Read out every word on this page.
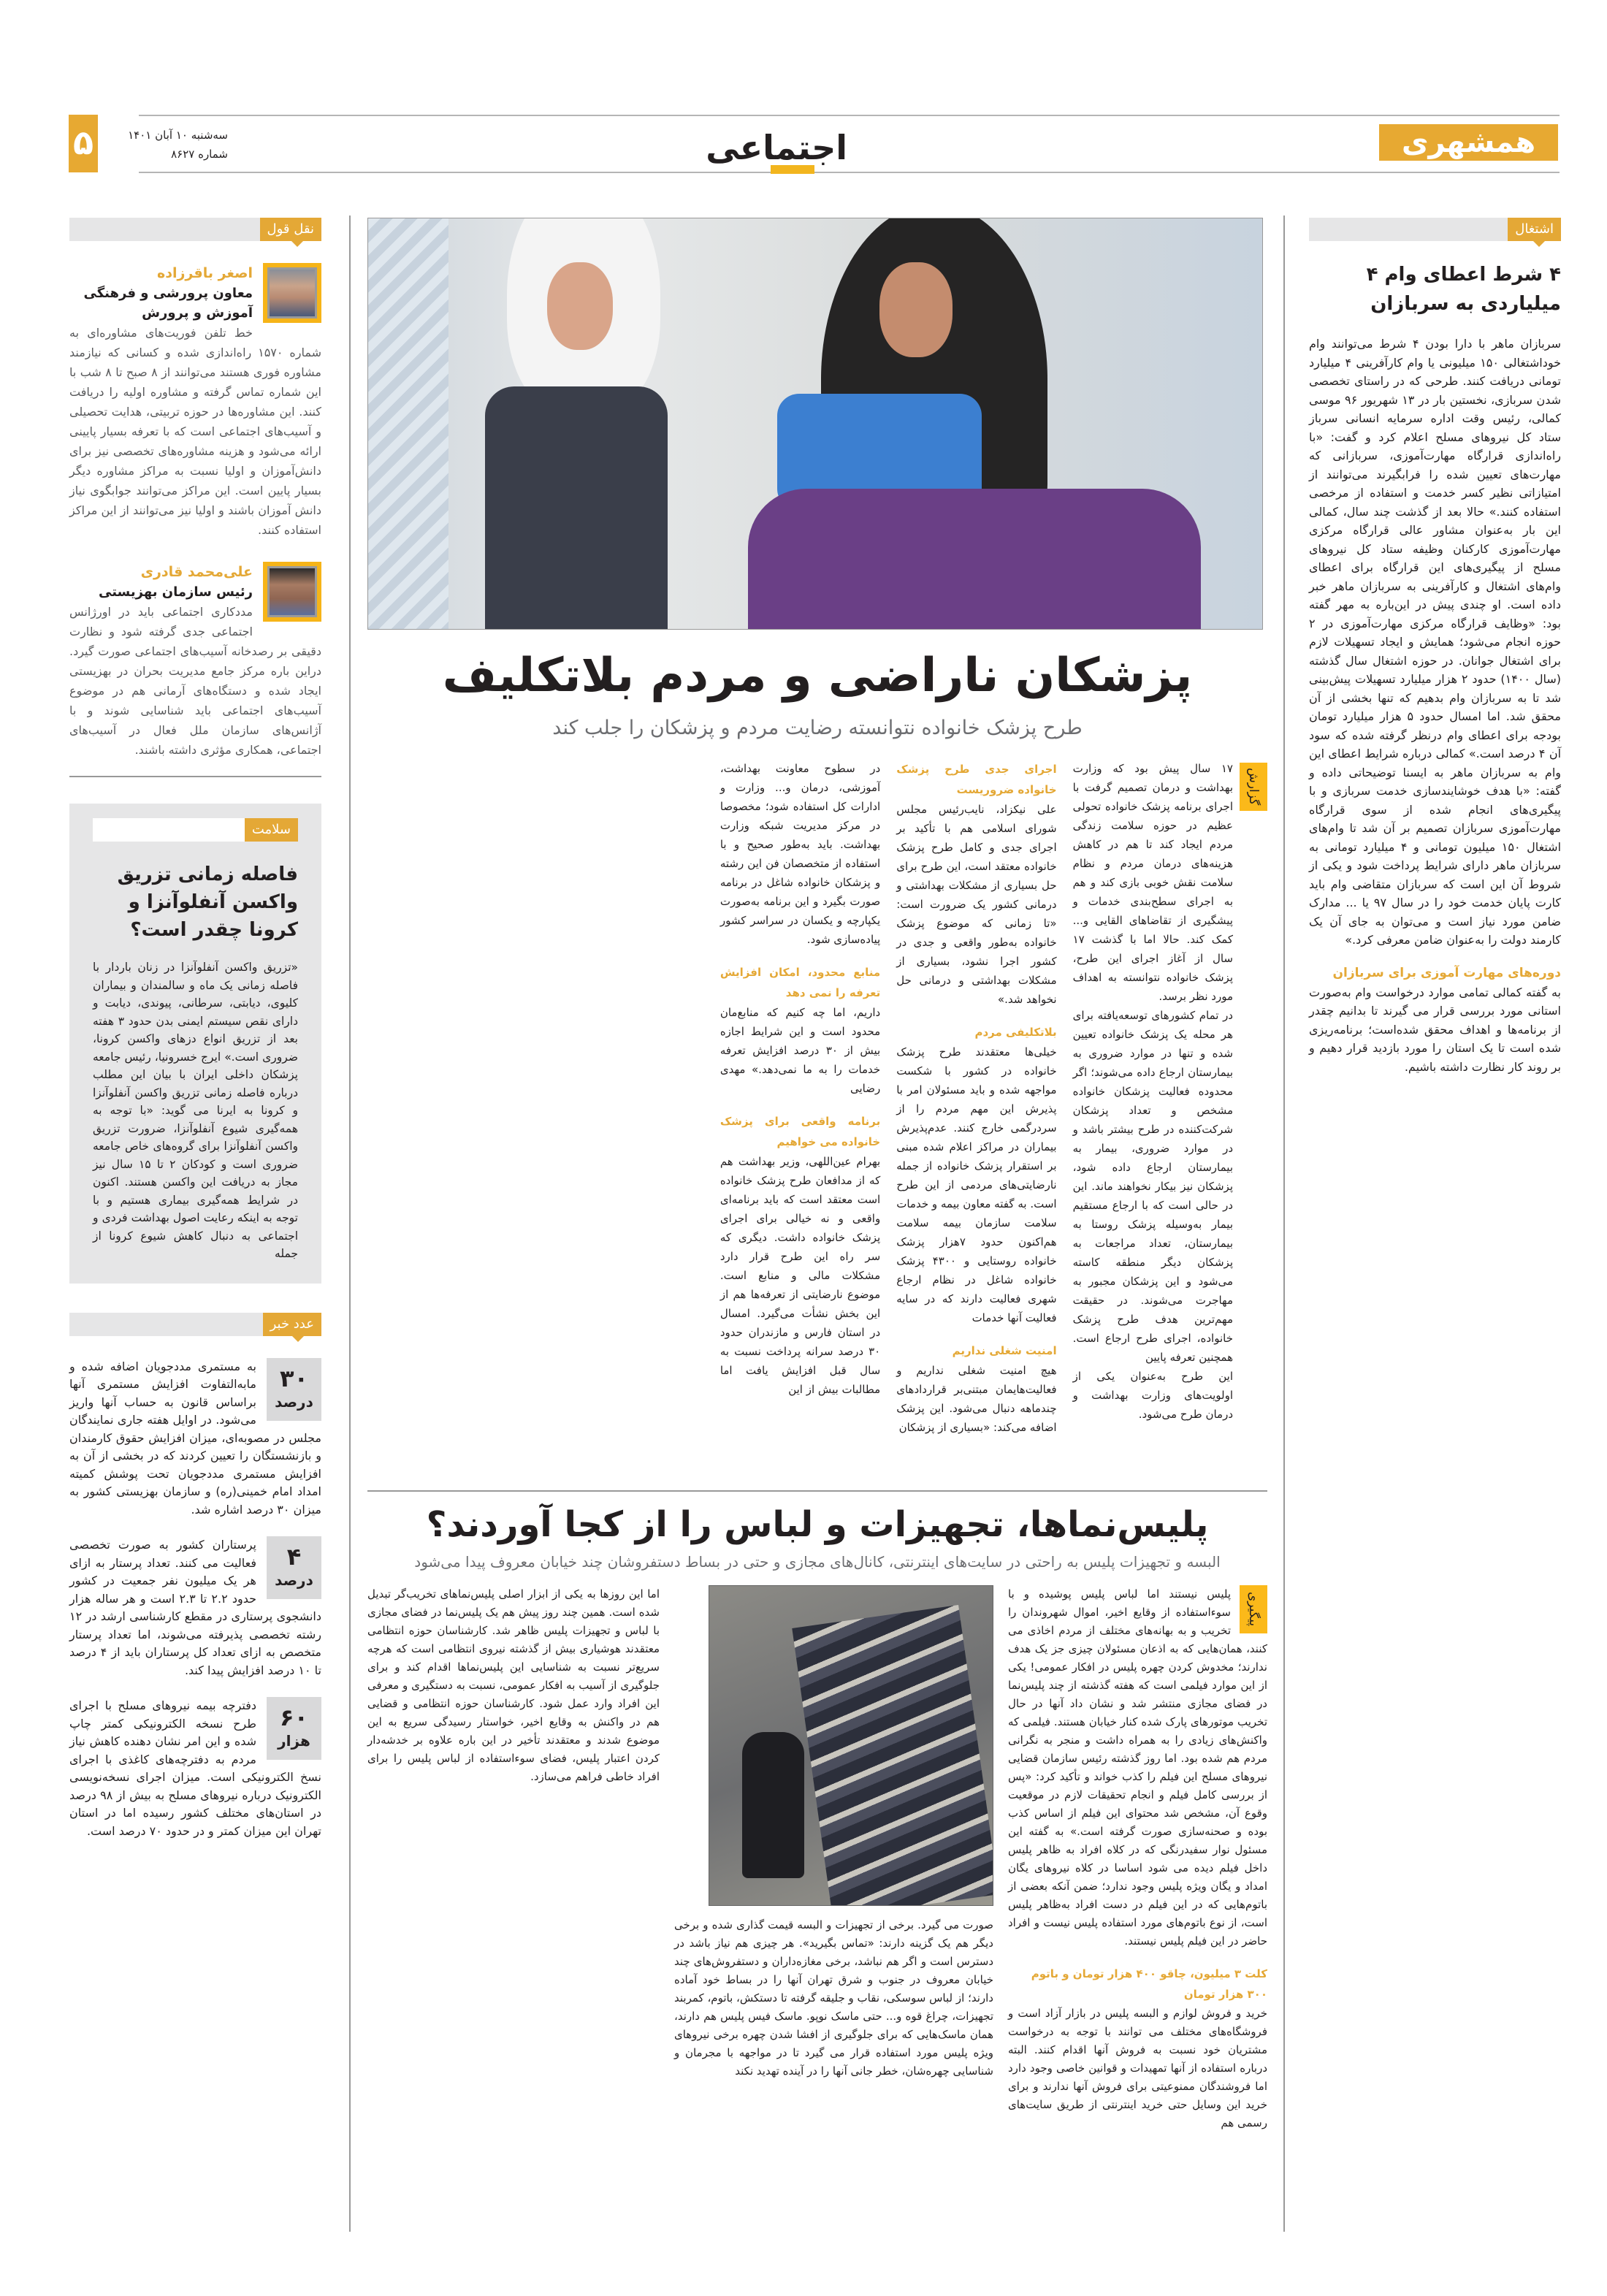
همشهری
اجتماعی
۵	سه‌شنبه ۱۰ آبان ۱۴۰۱
شماره ۸۶۲۷
نقل قول
اصغر باقرزاده
معاون پرورشی و فرهنگی آموزش و پرورش
خط تلفن فوریت‌های مشاوره‌ای به شماره ۱۵۷۰ راه‌اندازی شده و کسانی که نیازمند مشاوره فوری هستند می‌توانند از ۸ صبح تا ۸ شب با این شماره تماس گرفته و مشاوره اولیه را دریافت کنند. این مشاوره‌ها در حوزه تربیتی، هدایت تحصیلی و آسیب‌های اجتماعی است که با تعرفه بسیار پایینی ارائه می‌شود و هزینه مشاوره‌های تخصصی نیز برای دانش‌آموزان و اولیا نسبت به مراکز مشاوره دیگر بسیار پایین است. این مراکز می‌توانند جوابگوی نیاز دانش آموزان باشند و اولیا نیز می‌توانند از این مراکز استفاده کنند.
علی‌محمد قادری
رئیس سازمان بهزیستی
مددکاری اجتماعی باید در اورژانس اجتماعی جدی گرفته شود و نظارت دقیقی بر رصدخانه آسیب‌های اجتماعی صورت گیرد. دراین باره مرکز جامع مدیریت بحران در بهزیستی ایجاد شده و دستگاه‌های آرمانی هم در موضوع آسیب‌های اجتماعی باید شناسایی شوند و با آژانس‌های سازمان ملل فعال در آسیب‌های اجتماعی، همکاری مؤثری داشته باشند.
سلامت
فاصله زمانی تزریق واکسن آنفلوآنزا و کرونا چقدر است؟
«تزریق واکسن آنفلوآنزا در زنان باردار با فاصله زمانی یک ماه و سالمندان و بیماران کلیوی، دیابتی، سرطانی، پیوندی، دیابت و دارای نقص سیستم ایمنی بدن حدود ۳ هفته بعد از تزریق انواع دزهای واکسن کرونا، ضروری است.» ایرج خسرونیا، رئیس جامعه پزشکان داخلی ایران با بیان این مطلب درباره فاصله زمانی تزریق واکسن آنفلوآنزا و کرونا به ایرنا می گوید: «با توجه به همه‌گیری شیوع آنفلوآنزا، ضرورت تزریق واکسن آنفلوآنزا برای گروه‌های خاص جامعه ضروری است و کودکان ۲ تا ۱۵ سال نیز مجاز به دریافت این واکسن هستند. اکنون در شرایط همه‌گیری بیماری هستیم و با توجه به اینکه رعایت اصول بهداشت فردی و اجتماعی به دنبال کاهش شیوع کرونا از جمله
عدد خبر
۳۰
درصد
به مستمری مددجویان اضافه شده و مابه‌التفاوت افزایش مستمری آنها براساس قانون به حساب آنها واریز می‌شود. در اوایل هفته جاری نمایندگان مجلس در مصوبه‌ای، میزان افزایش حقوق کارمندان و بازنشستگان را تعیین کردند که در بخشی از آن به افزایش مستمری مددجویان تحت پوشش کمیته امداد امام خمینی(ره) و سازمان بهزیستی کشور به میزان ۳۰ درصد اشاره شد.
۴
درصد
پرستاران کشور به صورت تخصصی فعالیت می کنند. تعداد پرستار به ازای هر یک میلیون نفر جمعیت در کشور حدود ۲.۲ تا ۲.۳ است و هر ساله هزار دانشجوی پرستاری در مقطع کارشناسی ارشد در ۱۲ رشته تخصصی پذیرفته می‌شوند، اما تعداد پرستار متخصص به ازای تعداد کل پرستاران باید از ۴ درصد تا ۱۰ درصد افزایش پیدا کند.
۶۰
هزار
دفترچه بیمه نیروهای مسلح با اجرای طرح نسخه الکترونیکی کمتر چاپ شده و این امر نشان دهنده کاهش نیاز مردم به دفترچه‌های کاغذی با اجرای نسخ الکترونیکی است. میزان اجرای نسخه‌نویسی الکترونیک درباره نیروهای مسلح به بیش از ۹۸ درصد در استان‌های مختلف کشور رسیده اما در استان تهران این میزان کمتر و در حدود ۷۰ درصد است.
پزشکان ناراضی و مردم بلاتکلیف
طرح پزشک خانواده نتوانسته رضایت مردم و پزشکان را جلب کند
گزارش

۱۷ سال پیش بود که وزارت بهداشت و درمان تصمیم گرفت با اجرای برنامه پزشک خانواده تحولی عظیم در حوزه سلامت زندگی مردم ایجاد کند تا هم در کاهش هزینه‌های درمان مردم و نظام سلامت نقش خوبی بازی کند و هم به اجرای سطح‌بندی خدمات و پیشگیری از تقاضاهای القایی و... کمک کند. حالا اما با گذشت ۱۷ سال از آغاز اجرای این طرح، پزشک خانواده نتوانسته به اهداف مورد نظر برسد.

در تمام کشورهای توسعه‌یافته برای هر محله یک پزشک خانواده تعیین شده و تنها در موارد ضروری به بیمارستان ارجاع داده می‌شوند؛ اگر محدوده فعالیت پزشکان خانواده مشخص و تعداد پزشکان شرکت‌کننده در طرح بیشتر باشد و در موارد ضروری، بیمار به بیمارستان ارجاع داده شود، پزشکان نیز بیکار نخواهند ماند. این در حالی است که با ارجاع مستقیم بیمار به‌وسیله پزشک روستا به بیمارستان، تعداد مراجعات به پزشکان دیگر منطقه کاسته می‌شود و این پزشکان مجبور به مهاجرت می‌شوند. در حقیقت مهم‌ترین هدف طرح پزشک خانواده، اجرای طرح ارجاع است. همچنین تعرفه پایین

این طرح به‌عنوان یکی از اولویت‌های وزارت بهداشت و درمان طرح می‌شود.

اجرای جدی طرح پزشک خانواده ضروریست

علی نیکزاد، نایب‌رئیس مجلس شورای اسلامی هم با تأکید بر اجرای جدی و کامل طرح پزشک خانواده معتقد است، این طرح برای حل بسیاری از مشکلات بهداشتی و درمانی کشور یک ضرورت است: «تا زمانی که موضوع پزشک خانواده به‌طور واقعی و جدی در کشور اجرا نشود، بسیاری از مشکلات بهداشتی و درمانی حل نخواهد شد.»

بلاتکلیفی مردم

خیلی‌ها معتقدند طرح پزشک خانواده در کشور با شکست مواجهه شده و باید مسئولان امر با پذیرش این مهم مردم را از سردرگمی خارج کنند. عدم‌پذیرش بیماران در مراکز اعلام شده مبنی بر استقرار پزشک خانواده از جمله نارضایتی‌های مردمی از این طرح است. به گفته معاون بیمه و خدمات سلامت سازمان بیمه سلامت هم‌اکنون حدود ۷هزار پزشک خانواده روستایی و ۴۳۰۰ پزشک خانواده شاغل در نظام ارجاع شهری فعالیت دارند که در سایه فعالیت آنها خدمات

امنیت شغلی نداریم

هیچ امنیت شغلی نداریم و فعالیت‌هایمان مبتنی‌بر قراردادهای چندماهه دنبال می‌شود. این پزشک اضافه می‌کند: «بسیاری از پزشکان

در سطوح معاونت بهداشت، آموزشی، درمان و... وزارت و ادارات کل استفاده شود؛ مخصوصا در مرکز مدیریت شبکه وزارت بهداشت. باید به‌طور صحیح و با استفاده از متخصصان فن این رشته و پزشکان خانواده شاغل در برنامه صورت بگیرد و این برنامه به‌صورت یکپارچه و یکسان در سراسر کشور پیاده‌سازی شود.

منابع محدود، امکان افزایش تعرفه را نمی دهد

داریم، اما چه کنیم که منابع‌مان محدود است و این شرایط اجازه بیش از ۳۰ درصد افزایش تعرفه خدمات را به ما نمی‌دهد.» مهدی رضایی

برنامه واقعی برای پزشک خانواده می خواهیم

بهرام عین‌اللهی، وزیر بهداشت هم که از مدافعان طرح پزشک خانواده است معتقد است که باید برنامه‌ای واقعی و نه خیالی برای اجرای پزشک خانواده داشت. دیگری که سر راه این طرح قرار دارد مشکلات مالی و منابع است. موضوع نارضایتی از تعرفه‌ها هم از این بخش نشأت می‌گیرد. امسال در استان فارس و مازندران حدود ۳۰ درصد سرانه پرداخت نسبت به سال قبل افزایش یافت اما مطالبات بیش از این

پلیس‌نماها، تجهیزات و لباس را از کجا آوردند؟
البسه و تجهیزات پلیس به راحتی در سایت‌های اینترنتی، کانال‌های مجازی و حتی در بساط دستفروشان چند خیابان معروف پیدا می‌شود
پیگیری
پلیس نیستند اما لباس پلیس پوشیده و با سوءاستفاده از وقایع اخیر، اموال شهروندان را تخریب و به بهانه‌های مختلف از مردم اخاذی می کنند، همان‌هایی که به اذعان مسئولان چیزی جز یک هدف ندارند؛ مخدوش کردن چهره پلیس در افکار عمومی! یکی از این موارد فیلمی است که هفته گذشته از چند پلیس‌نما در فضای مجازی منتشر شد و نشان داد آنها در حال تخریب موتورهای پارک شده کنار خیابان هستند. فیلمی که واکنش‌های زیادی را به همراه داشت و منجر به نگرانی مردم هم شده بود. اما روز گذشته رئیس سازمان قضایی نیروهای مسلح این فیلم را کذب خواند و تأکید کرد: «پس از بررسی کامل فیلم و انجام تحقیقات لازم در موقعیت وقوع آن، مشخص شد محتوای این فیلم از اساس کذب بوده و صحنه‌سازی صورت گرفته است.» به گفته این مسئول نوار سفیدرنگی که در کلاه افراد به ظاهر پلیس داخل فیلم دیده می شود اساسا در کلاه نیروهای یگان امداد و یگان ویژه پلیس وجود ندارد؛ ضمن آنکه بعضی از باتوم‌هایی که در این فیلم در دست افراد به‌ظاهر پلیس است، از نوع باتوم‌های مورد استفاده پلیس نیست و افراد حاضر در این فیلم پلیس نیستند.
کلت ۳ میلیون، چاقو ۴۰۰ هزار تومان و باتوم ۳۰۰ هزار تومان
خرید و فروش لوازم و البسه پلیس در بازار آزاد است و فروشگاه‌های مختلف می توانند با توجه به درخواست مشتریان خود نسبت به فروش آنها اقدام کنند. البته درباره استفاده از آنها تمهیدات و قوانین خاصی وجود دارد اما فروشندگان ممنوعیتی برای فروش آنها ندارند و برای خرید این وسایل حتی خرید اینترنتی از طریق سایت‌های رسمی هم
صورت می گیرد. برخی از تجهیزات و البسه قیمت گذاری شده و برخی دیگر هم یک گزینه دارند: «تماس بگیرید». هر چیزی هم نیاز باشد در دسترس است و اگر هم نباشد، برخی مغازه‌داران و دستفروش‌های چند خیابان معروف در جنوب و شرق تهران آنها را در بساط خود آماده دارند؛ از لباس سوسکی، نقاب و جلیقه گرفته تا دستکش، باتوم، کمربند تجهیزات، چراغ قوه و... حتی ماسک نوپو. ماسک فیس پلیس هم دارند، همان ماسک‌هایی که برای جلوگیری از افشا شدن چهره برخی نیروهای ویژه پلیس مورد استفاده قرار می گیرد تا در مواجهه با مجرمان و شناسایی چهره‌شان، خطر جانی آنها را در آینده تهدید نکند
اما این روزها به یکی از ابزار اصلی پلیس‌نماهای تخریب‌گر تبدیل شده است. همین چند روز پیش هم یک پلیس‌نما در فضای مجازی با لباس و تجهیزات پلیس ظاهر شد. کارشناسان حوزه انتظامی معتقدند هوشیاری بیش از گذشته نیروی انتظامی است که هرچه سریع‌تر نسبت به شناسایی این پلیس‌نماها اقدام کند و برای جلوگیری از آسیب به افکار عمومی، نسبت به دستگیری و معرفی این افراد وارد عمل شود. کارشناسان حوزه انتظامی و قضایی هم در واکنش به وقایع اخیر، خواستار رسیدگی سریع به این موضوع شدند و معتقدند تأخیر در این باره علاوه بر خدشه‌دار کردن اعتبار پلیس، فضای سوءاستفاده از لباس پلیس را برای افراد خاطی فراهم می‌سازد.
اشتغال
۴ شرط اعطای وام ۴ میلیاردی به سربازان

سربازان ماهر با دارا بودن ۴ شرط می‌توانند وام خوداشتغالی ۱۵۰ میلیونی یا وام کارآفرینی ۴ میلیارد تومانی دریافت کنند. طرحی که در راستای تخصصی شدن سربازی، نخستین بار در ۱۳ شهریور ۹۶ موسی کمالی، رئیس وقت اداره سرمایه انسانی سرباز ستاد کل نیروهای مسلح اعلام کرد و گفت: «با راه‌اندازی قرارگاه مهارت‌آموزی، سربازانی که مهارت‌های تعیین شده را فرابگیرند می‌توانند از امتیازاتی نظیر کسر خدمت و استفاده از مرخصی استفاده کنند.» حالا بعد از گذشت چند سال، کمالی این بار به‌عنوان مشاور عالی قرارگاه مرکزی مهارت‌آموزی کارکنان وظیفه ستاد کل نیروهای مسلح از پیگیری‌های این قرارگاه برای اعطای وام‌های اشتغال و کارآفرینی به سربازان ماهر خبر داده است. او چندی پیش در این‌باره به مهر گفته بود: «وظایف قرارگاه مرکزی مهارت‌آموزی در ۲ حوزه انجام می‌شود؛ همایش و ایجاد تسهیلات لازم برای اشتغال جوانان. در حوزه اشتغال سال گذشته (سال ۱۴۰۰) حدود ۲ هزار میلیارد تسهیلات پیش‌بینی شد تا به سربازان وام بدهیم که تنها بخشی از آن محقق شد. اما امسال حدود ۵ هزار میلیارد تومان بودجه برای اعطای وام درنظر گرفته شده که سود آن ۴ درصد است.» کمالی درباره شرایط اعطای این وام به سربازان ماهر به ایسنا توضیحاتی داده و گفته: «با هدف خوشایندسازی خدمت سربازی و با پیگیری‌های انجام شده از سوی قرارگاه مهارت‌آموزی سربازان تصمیم بر آن شد تا وام‌های اشتغال ۱۵۰ میلیون تومانی و ۴ میلیارد تومانی به سربازان ماهر دارای شرایط پرداخت شود و یکی از شروط آن این است که سربازان متقاضی وام باید کارت پایان خدمت خود را در سال ۹۷ یا ... مدارک ضامن مورد نیاز است و می‌توان به جای آن یک کارمند دولت را به‌عنوان ضامن معرفی کرد.»

دوره‌های مهارت آموزی برای سربازان

به گفته کمالی تمامی موارد درخواست وام به‌صورت استانی مورد بررسی قرار می گیرند تا بدانیم چقدر از برنامه‌ها و اهداف محقق شده‌است؛ برنامه‌ریزی شده است تا یک استان را مورد بازدید قرار دهیم و بر روند کار نظارت داشته باشیم.
